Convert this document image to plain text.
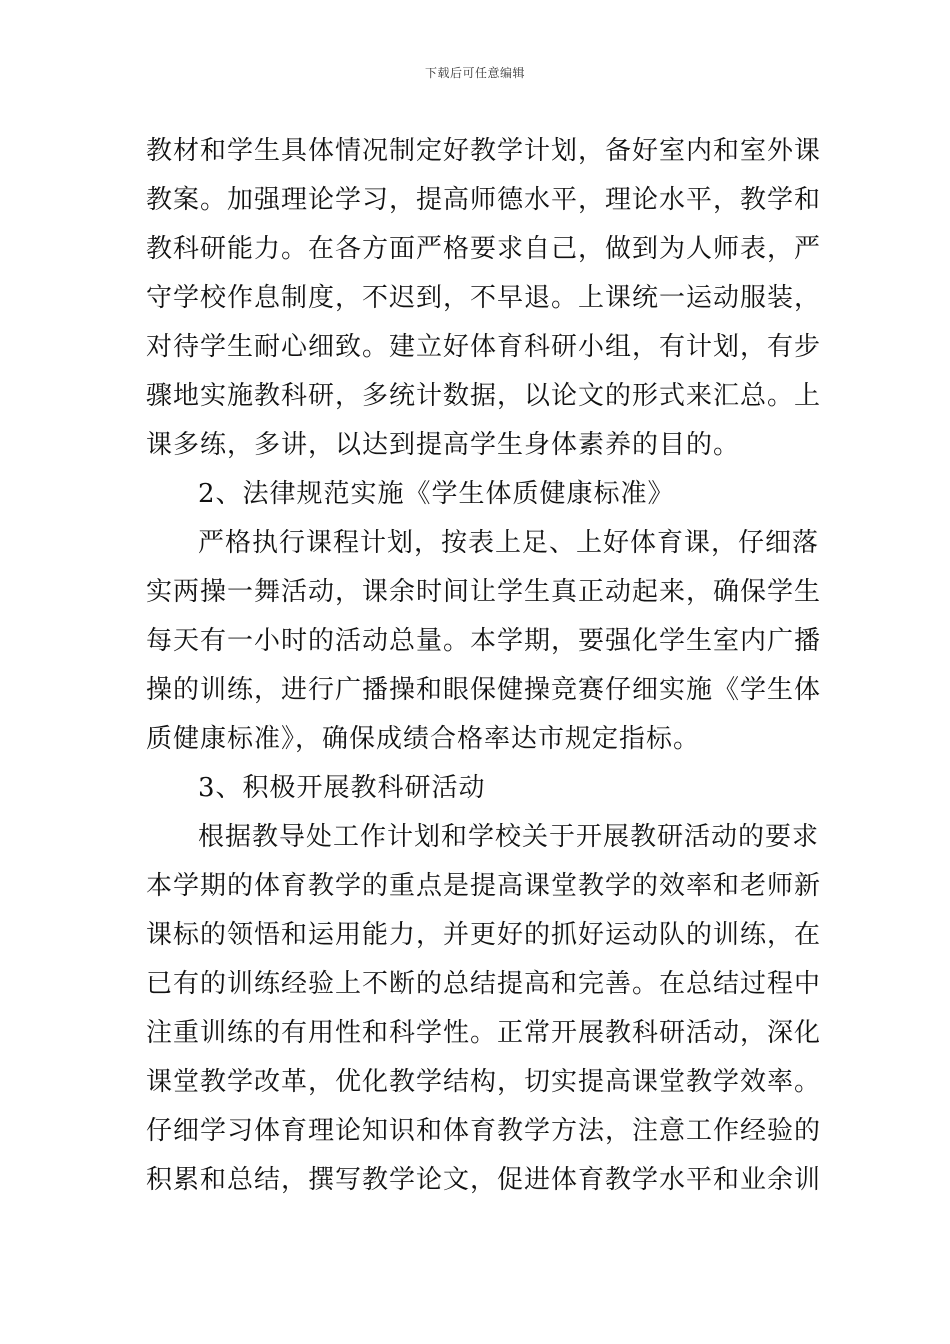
下载后可任意编辑
教材和学生具体情况制定好教学计划，备好室内和室外课
教案。加强理论学习，提高师德水平，理论水平，教学和
教科研能力。在各方面严格要求自己，做到为人师表，严
守学校作息制度，不迟到，不早退。上课统一运动服装，
对待学生耐心细致。建立好体育科研小组，有计划，有步
骤地实施教科研，多统计数据，以论文的形式来汇总。上
课多练，多讲，以达到提高学生身体素养的目的。
2、法律规范实施《学生体质健康标准》
严格执行课程计划，按表上足、上好体育课，仔细落
实两操一舞活动，课余时间让学生真正动起来，确保学生
每天有一小时的活动总量。本学期，要强化学生室内广播
操的训练，进行广播操和眼保健操竞赛仔细实施《学生体
质健康标准》，确保成绩合格率达市规定指标。
3、积极开展教科研活动
根据教导处工作计划和学校关于开展教研活动的要求
本学期的体育教学的重点是提高课堂教学的效率和老师新
课标的领悟和运用能力，并更好的抓好运动队的训练，在
已有的训练经验上不断的总结提高和完善。在总结过程中
注重训练的有用性和科学性。正常开展教科研活动，深化
课堂教学改革，优化教学结构，切实提高课堂教学效率。
仔细学习体育理论知识和体育教学方法，注意工作经验的
积累和总结，撰写教学论文，促进体育教学水平和业余训
